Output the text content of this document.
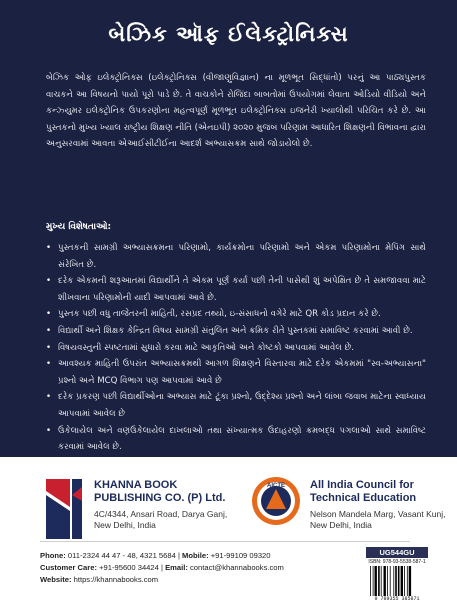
બેઝિક ઑફ ઈલેક્ટ્રોનિક્સ
બેઝિક ઓફ ઇલેક્ટ્રોનિક્સ (ઇલેક્ટ્રોનિક્સ (વીજાણુવિજ્ઞાન) ના મૂળભૂત સિદ્ધાંતો) પરનું આ પાઠ્યપુસ્તક વાચકને આ વિષયનો પાયો પૂરો પાડે છે. તે વાચકોને રોજિંદા બાબતોમાં ઉપયોગમાં લેવાતા ઓડિયો વીડિયો અને કન્ઝ્યુમર ઇલેક્ટ્રોનિક ઉપકરણોના મહત્વપૂર્ણ મૂળભૂત ઇલેક્ટ્રોનિક્સ ઇજનેરી ખ્યાલોથી પરિચિત કરે છે. આ પુસ્તકનો મુખ્ય ખ્યાલ રાષ્ટ્રીય શિક્ષણ નીતિ (એનઇપી) ૨૦૨૦ મુજબ પરિણામ આધારિત શિક્ષણની વિભાવના દ્વારા અનુસરવામાં આવતા એઆઈસીટીઈના આદર્શ અભ્યાસક્રમ સાથે જોડાયેલો છે.
મુખ્ય વિશેષતાઓ:
• પુસ્તકની સામગ્રી અભ્યાસક્રમના પરિણામો, કાર્યક્રમોના પરિણામો અને એકમ પરિણામોના મેપિંગ સાથે સંરેખિત છે.
• દરેક એકમની શરૂઆતમાં વિદ્યાર્થીને તે એકમ પૂર્ણ કર્યા પછી તેની પાસેથી શું અપેક્ષિત છે તે સમજાવવા માટે શીખવાના પરિણામોની યાદી આપવામાં આવે છે.
• પુસ્તક પછી વધુ તાજેતરની માહિતી, રસપ્રદ તથ્યો, ઇ-સંસાધનો વગેરે માટે QR કોડ પ્રદાન કરે છે.
• વિદ્યાર્થી અને શિક્ષક કેન્દ્રિત વિષય સામગ્રી સંતુલિત અને ક્રમિક રીતે પુસ્તકમાં સમાવિષ્ટ કરવામાં આવી છે.
• વિષયવસ્તુની સ્પષ્ટતામાં સુધારો કરવા માટે આકૃતિઓ અને કોષ્ટકો આપવામાં આવેલ છે.
• આવશ્યક માહિતી ઉપરાંત અભ્યાસક્રમથી આગળ શિક્ષણને વિસ્તારવા માટે દરેક એકમમાં "સ્વ-અભ્યાસના" પ્રશ્નો અને MCQ વિભાગ પણ આપવામાં આવે છે
• દરેક પ્રકરણ પછી વિદ્યાર્થીઓના અભ્યાસ માટે ટૂંકા પ્રશ્નો, ઉદ્દેશ્ય પ્રશ્નો અને લાંબા જવાબ માટેના સ્વાધ્યાય આપવામાં આવેલ છે
• ઉકેલાયેલ અને વણઉકેલાયેલ દાખલાઓ તથા સંખ્યાત્મક ઉદાહરણો ક્રમબદ્ધ પગલાઓ સાથે સમાવિષ્ટ કરવામાં આવેલ છે.
KHANNA BOOK PUBLISHING CO. (P) Ltd.
4C/4344, Ansari Road, Darya Ganj, New Delhi, India
AICTE All India Council for Technical Education
Nelson Mandela Marg, Vasant Kunj, New Delhi, India
Phone: 011-2324 44 47 - 48, 4321 5684 | Mobile: +91-99109 09320
Customer Care: +91-95600 34424 | Email: contact@khannabooks.com
Website: https://khannabooks.com
UG544GU
ISBN: 978-93-5538-587-1
9 789355 385871
